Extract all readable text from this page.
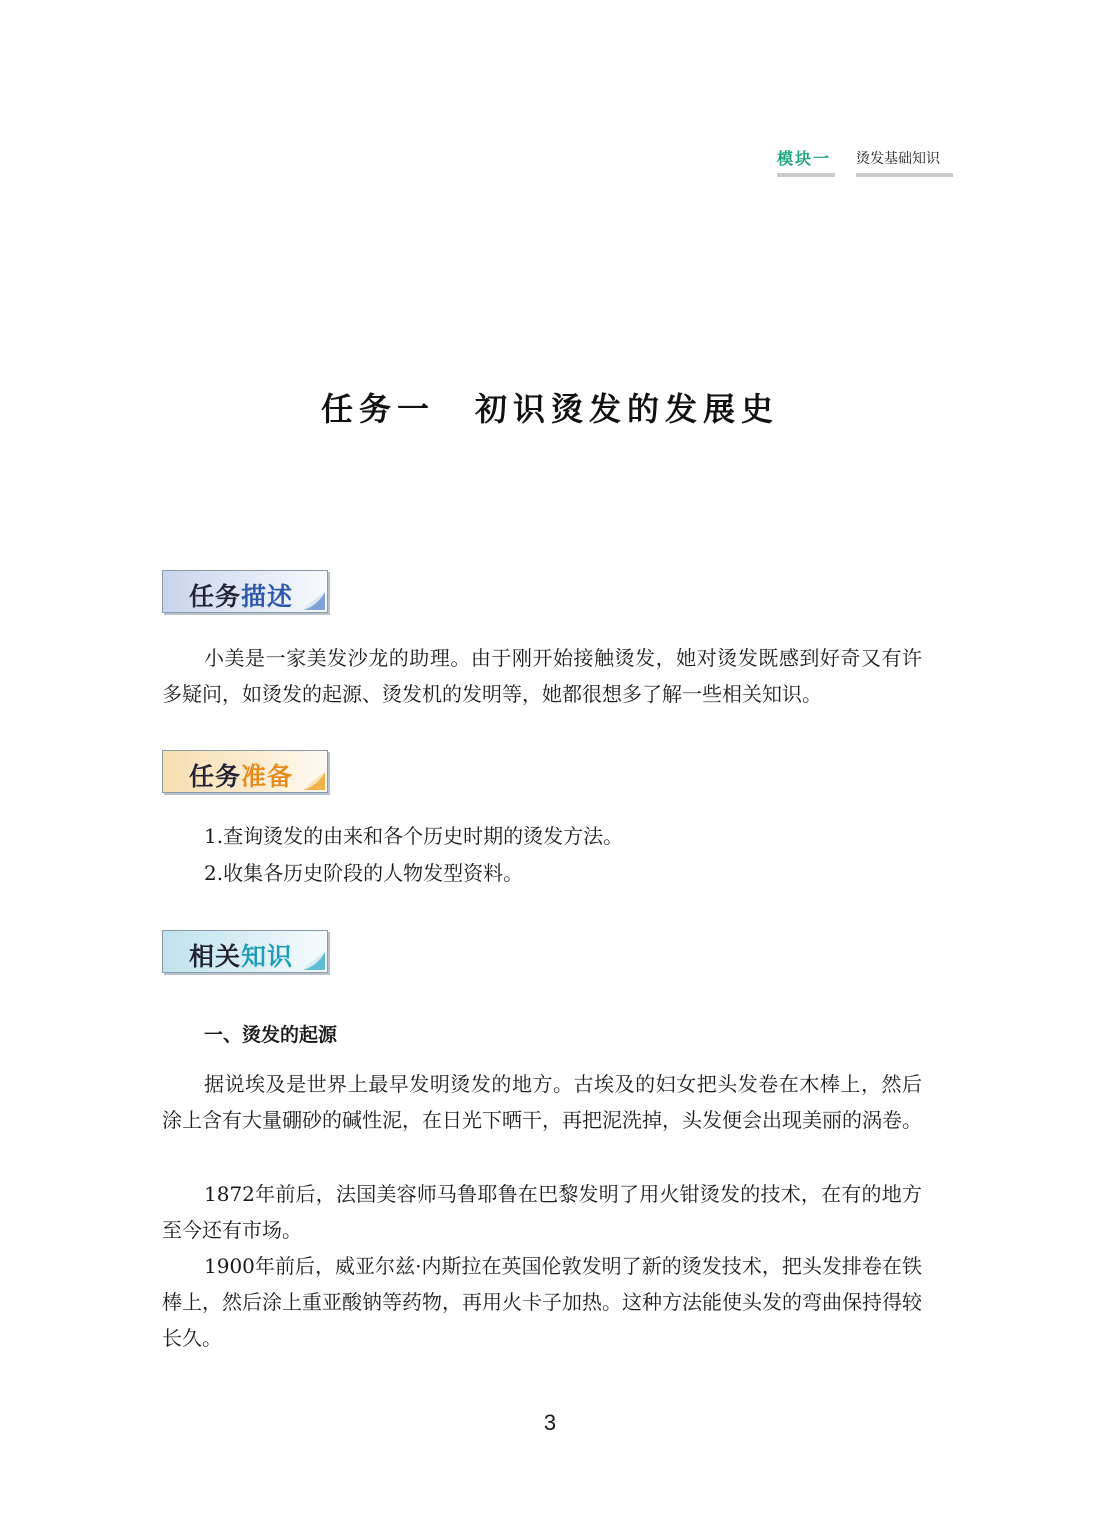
模块一 烫发基础知识
任务一 初识烫发的发展史
任务描述

小美是一家美发沙龙的助理。由于刚开始接触烫发，她对烫发既感到好奇又有许多疑问，如烫发的起源、烫发机的发明等，她都很想多了解一些相关知识。

任务准备

1.查询烫发的由来和各个历史时期的烫发方法。

2.收集各历史阶段的人物发型资料。

相关知识
一、烫发的起源

据说埃及是世界上最早发明烫发的地方。古埃及的妇女把头发卷在木棒上，然后涂上含有大量硼砂的碱性泥，在日光下晒干，再把泥洗掉，头发便会出现美丽的涡卷。

1872年前后，法国美容师马鲁耶鲁在巴黎发明了用火钳烫发的技术，在有的地方至今还有市场。

1900年前后，威亚尔兹·内斯拉在英国伦敦发明了新的烫发技术，把头发排卷在铁棒上，然后涂上重亚酸钠等药物，再用火卡子加热。这种方法能使头发的弯曲保持得较长久。

3
